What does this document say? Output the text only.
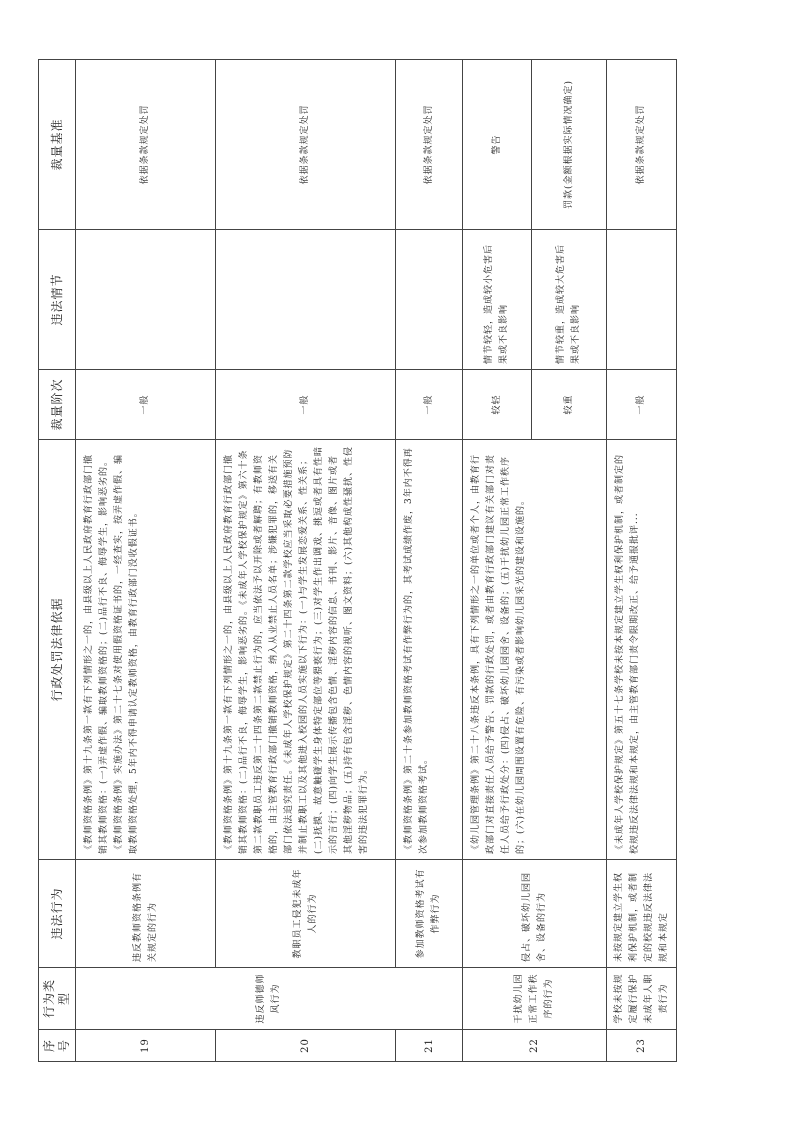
序号	行为类型	违法行为	行政处罚法律依据	裁量阶次	违法情节	裁量基准
19	违反师德师风行为	违反教师资格条例有关规定的行为	《教师资格条例》第十九条第一款有下列情形之一的，由县级以上人民政府教育行政部门撤销其教师资格：(一)弄虚作假、骗取教师资格的；(二)品行不良、侮辱学生，影响恶劣的。《教师资格条例》实施办法》第二十七条对使用假资格证书的，一经查实，按弄虚作假、骗取教师资格处理，5年内不得申请认定教师资格，由教育行政部门没收假证书。	一般		依据条款规定处罚
20		教职员工侵犯未成年人的行为	《教师资格条例》第十九条第一款有下列情形之一的，由县级以上人民政府教育行政部门撤销其教师资格：(二)品行不良，侮辱学生，影响恶劣的。《未成年人学校保护规定》第六十条第二款教职员工违反第二十四条第二款禁止行为的，应当依法予以开除或者解聘；有教师资格的，由主管教育行政部门撤销教师资格，纳入从业禁止人员名单；涉嫌犯罪的，移送有关部门依法追究责任。《未成年人学校保护规定》第二十四条第二款学校应当采取必要措施预防并制止教职工以及其他进入校园的人员实施以下行为：(一)与学生发展恋爱关系、性关系；(二)抚摸、故意触碰学生身体特定部位等猥亵行为；(三)对学生作出调戏、挑逗或者具有性暗示的言行；(四)向学生展示传播包含色情、淫秽内容的信息、书刊、影片、音像、图片或者其他淫秽物品；(五)持有包含淫秽、色情内容的视听、图文资料；(六)其他构成性骚扰、性侵害的违法犯罪行为。	一般		依据条款规定处罚
21		参加教师资格考试有作弊行为	《教师资格条例》第二十条参加教师资格考试有作弊行为的，其考试成绩作废，3年内不得再次参加教师资格考试。	一般		依据条款规定处罚
22	干扰幼儿园正常工作秩序的行为	侵占、破坏幼儿园园舍、设备的行为	《幼儿园管理条例》第二十八条违反本条例，具有下列情形之一的单位或者个人，由教育行政部门对直接责任人员给予警告、罚款的行政处罚，或者由教育行政部门建议有关部门对责任人员给予行政处分：(四)侵占、破坏幼儿园园舍、设备的；(五)干扰幼儿园正常工作秩序的；(六)在幼儿园周围设置有危险、有污染或者影响幼儿园采光的建设和设施的。	较轻	情节较轻，造成较小危害后果或不良影响	警告
				较重	情节较重，造成较大危害后果或不良影响	罚款(金额根据实际情况确定)
23	学校未按规定履行保护未成年人职责行为	未按规定建立学生权利保护机制，或者制定的校规违反法律法规和本规定	《未成年人学校保护规定》第五十七条学校未按本规定建立学生权利保护机制，或者制定的校规违反法律法规和本规定，由主管教育部门责令限期改正、给予通报批评...	一般		依据条款规定处罚
